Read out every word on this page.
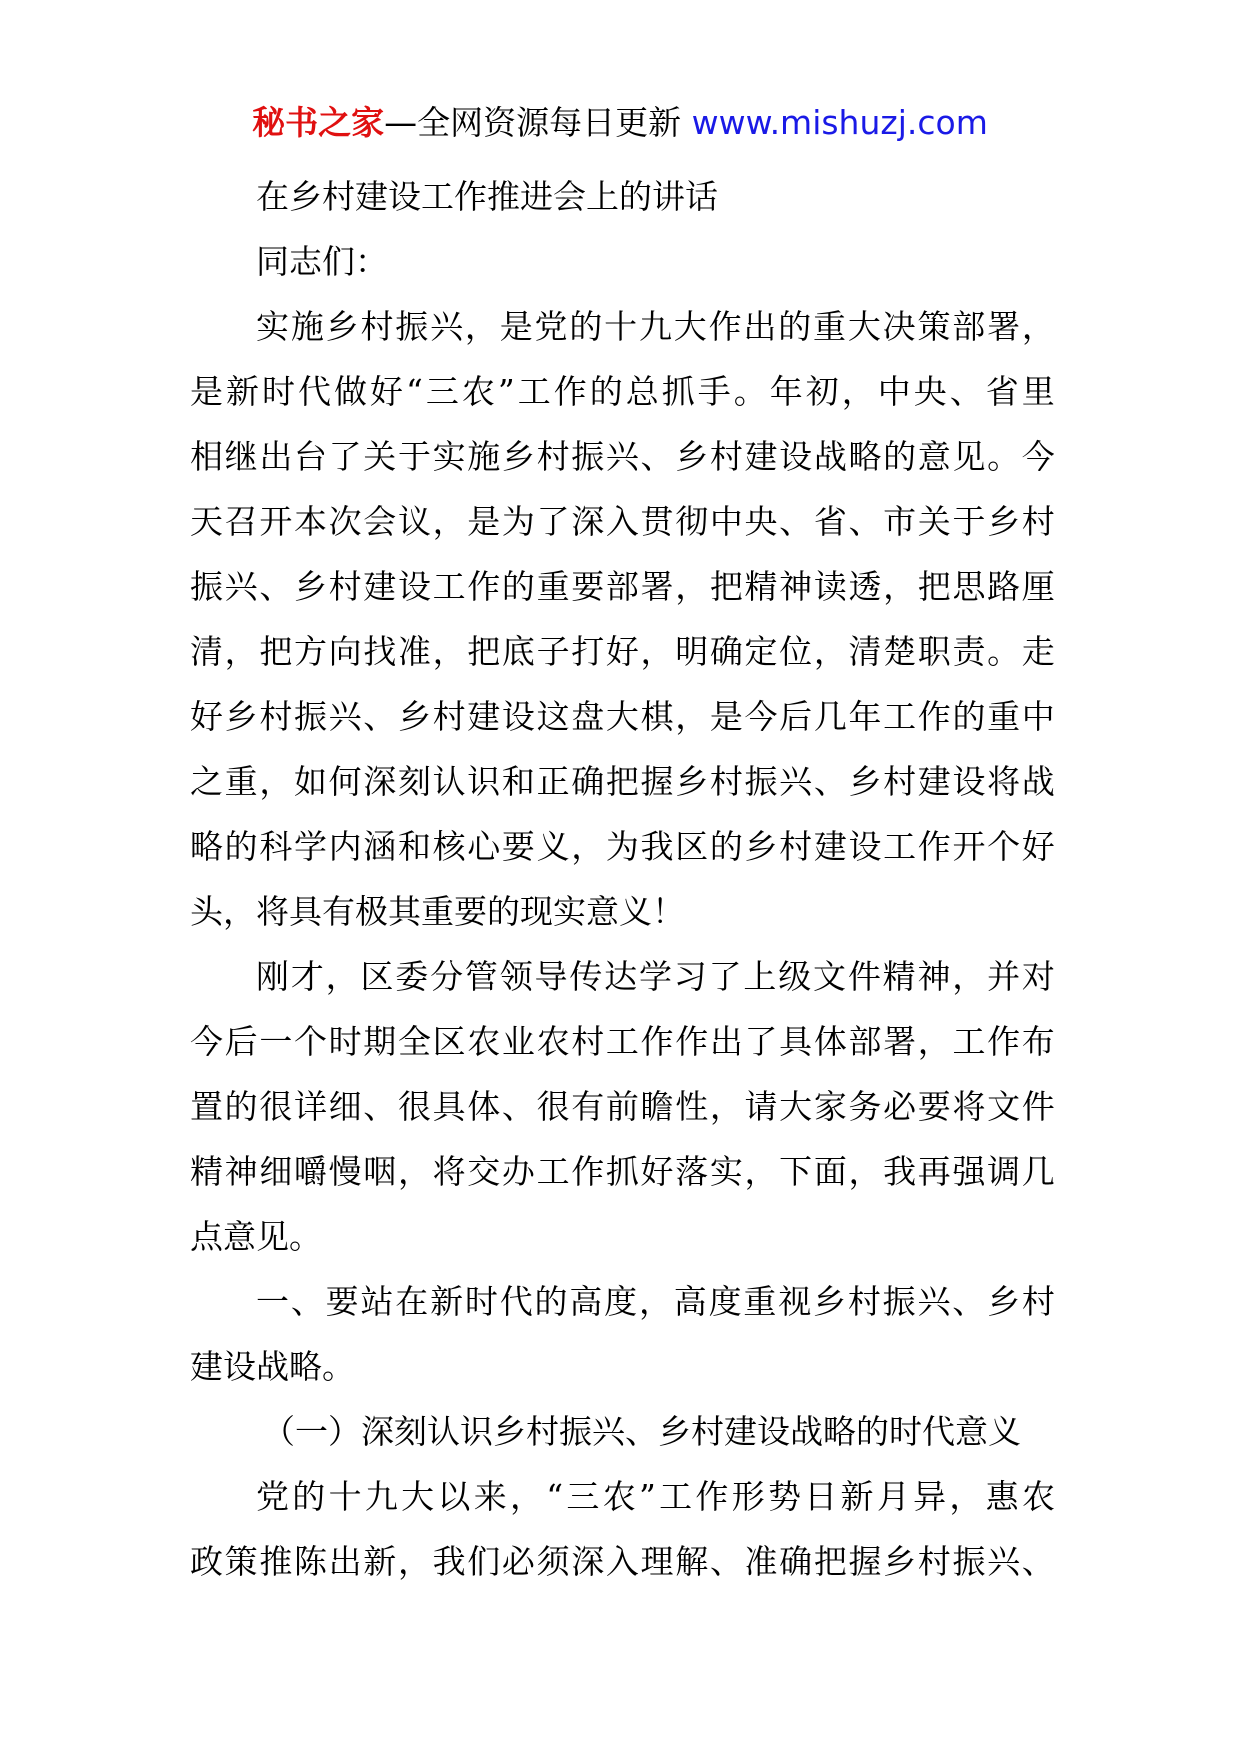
秘书之家—全网资源每日更新 www.mishuzj.com
在乡村建设工作推进会上的讲话
同志们：
实 施 乡 村 振 兴 ， 是 党 的 十 九 大 作 出 的 重 大 决 策 部 署 ，
是 新 时 代 做 好 “ 三 农 ” 工 作 的 总 抓 手 。 年 初 ， 中 央 、 省 里
相 继 出 台 了 关 于 实 施 乡 村 振 兴 、 乡 村 建 设 战 略 的 意 见 。 今
天 召 开 本 次 会 议 ， 是 为 了 深 入 贯 彻 中 央 、 省 、 市 关 于 乡 村
振 兴 、 乡 村 建 设 工 作 的 重 要 部 署 ， 把 精 神 读 透 ， 把 思 路 厘
清 ， 把 方 向 找 准 ， 把 底 子 打 好 ， 明 确 定 位 ， 清 楚 职 责 。 走
好 乡 村 振 兴 、 乡 村 建 设 这 盘 大 棋 ， 是 今 后 几 年 工 作 的 重 中
之 重 ， 如 何 深 刻 认 识 和 正 确 把 握 乡 村 振 兴 、 乡 村 建 设 将 战
略 的 科 学 内 涵 和 核 心 要 义 ， 为 我 区 的 乡 村 建 设 工 作 开 个 好
头，将具有极其重要的现实意义！
刚 才 ， 区 委 分 管 领 导 传 达 学 习 了 上 级 文 件 精 神 ， 并 对
今 后 一 个 时 期 全 区 农 业 农 村 工 作 作 出 了 具 体 部 署 ， 工 作 布
置 的 很 详 细 、 很 具 体 、 很 有 前 瞻 性 ， 请 大 家 务 必 要 将 文 件
精 神 细 嚼 慢 咽 ， 将 交 办 工 作 抓 好 落 实 ， 下 面 ， 我 再 强 调 几
点意见。
一 、 要 站 在 新 时 代 的 高 度 ， 高 度 重 视 乡 村 振 兴 、 乡 村
建设战略。
（一）深刻认识乡村振兴、乡村建设战略的时代意义
党 的 十 九 大 以 来 ， “ 三 农 ” 工 作 形 势 日 新 月 异 ， 惠 农
政 策 推 陈 出 新 ， 我 们 必 须 深 入 理 解 、 准 确 把 握 乡 村 振 兴 、
